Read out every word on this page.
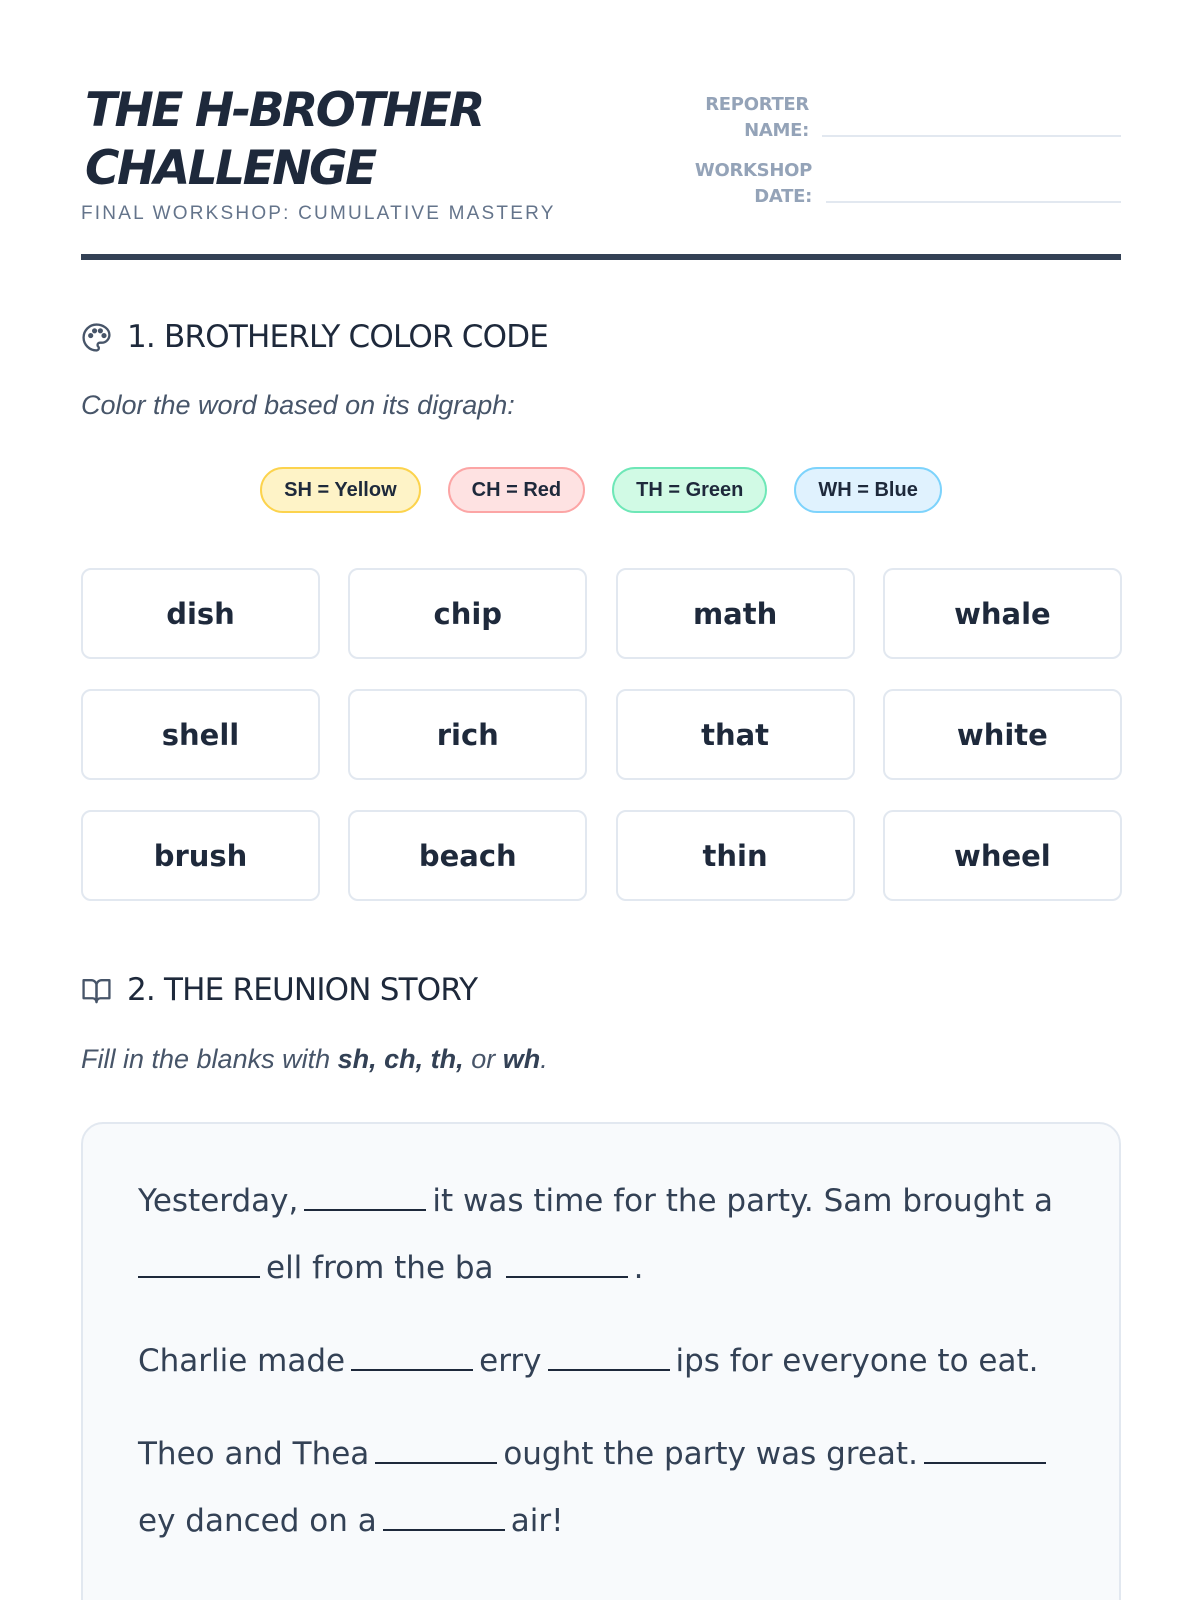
THE H-BROTHER
CHALLENGE
FINAL WORKSHOP: CUMULATIVE MASTERY
REPORTER
NAME:
WORKSHOP
DATE:
1. BROTHERLY COLOR CODE
Color the word based on its digraph:
SH = Yellow	CH = Red	TH = Green	WH = Blue
dish	chip	math	whale
shell	rich	that	white
brush	beach	thin	wheel
2. THE REUNION STORY
Fill in the blanks with sh, ch, th, or wh.

Yesterday,	it was time for the party. Sam brought a
ell from the ba	.

Charlie made	erry	ips for everyone to eat.

Theo and Thea	ought the party was great.
ey danced on a	air!
